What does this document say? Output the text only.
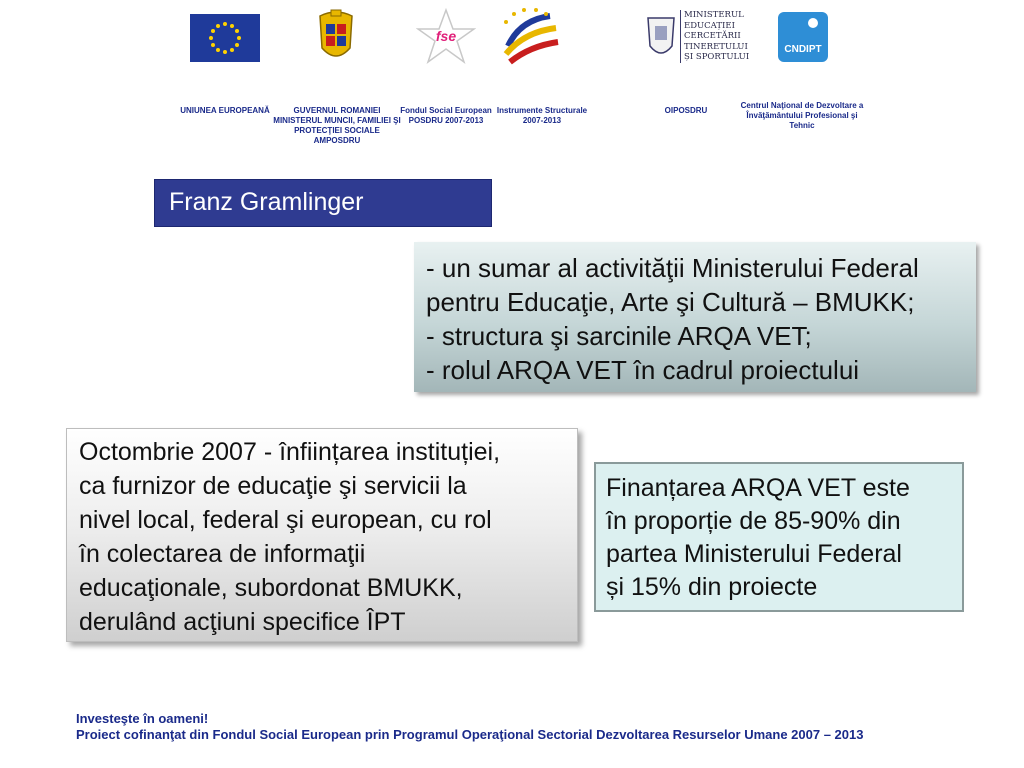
UNIUNEA EUROPEANĂ	GUVERNUL ROMANIEI
MINISTERUL MUNCII, FAMILIEI ŞI
PROTECŢIEI SOCIALE
AMPOSDRU
fse
Fondul Social European
POSDRU 2007-2013
Instrumente Structurale
2007-2013
MINISTERUL
EDUCAȚIEI
CERCETĂRII
TINERETULUI
ȘI SPORTULUI
OIPOSDRU
CNDIPT
Centrul Naţional de Dezvoltare a
Învăţământului Profesional şi
Tehnic
Franz Gramlinger
- un sumar al activităţii Ministerului Federal
pentru Educaţie, Arte şi Cultură – BMUKK;
- structura şi sarcinile ARQA VET;
- rolul ARQA VET în cadrul proiectului
Octombrie 2007 - înființarea instituției,
ca furnizor de educaţie şi servicii la
nivel local, federal şi european, cu rol
în colectarea de informaţii
educaţionale, subordonat BMUKK,
derulând acţiuni specifice ÎPT
Finanțarea ARQA VET este
în proporție de 85-90% din
partea Ministerului Federal
și 15% din proiecte
Investeşte în oameni!
Proiect cofinanţat din Fondul Social European prin Programul Operaţional Sectorial Dezvoltarea Resurselor Umane 2007 – 2013
